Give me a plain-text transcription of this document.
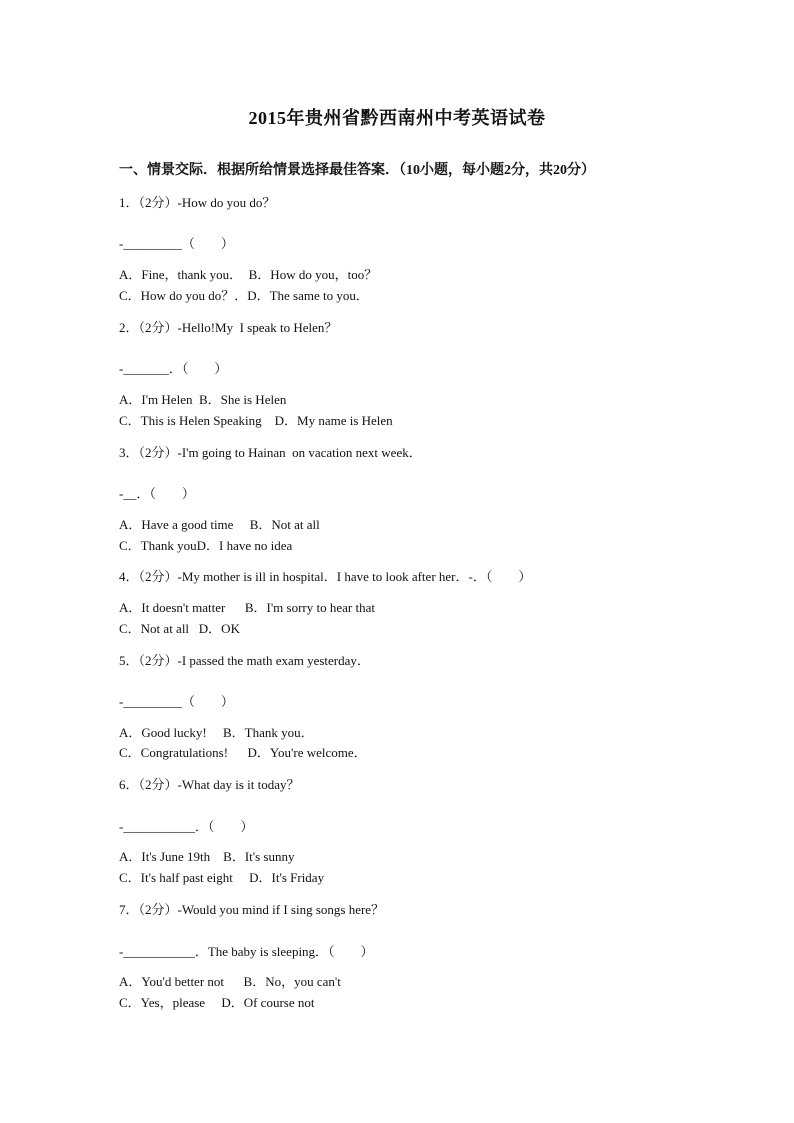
2015年贵州省黔西南州中考英语试卷
一、情景交际．根据所给情景选择最佳答案．（10小题，每小题2分，共20分）
1．（2分）-How do you do？
-_________（　　）
A．Fine，thank you．  B．How do you，too？
C．How do you do？．D．The same to you．
2．（2分）-Hello!My  I speak to Helen？
-_______．（　　）
A．I'm Helen  B．She is Helen
C．This is Helen Speaking    D．My name is Helen
3．（2分）-I'm going to Hainan  on vacation next week．
-__．（　　）
A．Have a good time     B．Not at all
C．Thank youD．I have no idea
4．（2分）-My mother is ill in hospital．I have to look after her．-．（　　）
A．It doesn't matter      B．I'm sorry to hear that
C．Not at all   D．OK
5．（2分）-I passed the math exam yesterday．
-_________（　　）
A．Good lucky!     B．Thank you．
C．Congratulations!      D．You're welcome．
6．（2分）-What day is it today？
-___________．（　　）
A．It's June 19th    B．It's sunny
C．It's half past eight     D．It's Friday
7．（2分）-Would you mind if I sing songs here？
-___________．The baby is sleeping．（　　）
A．You'd better not      B．No，you can't
C．Yes，please     D．Of course not
